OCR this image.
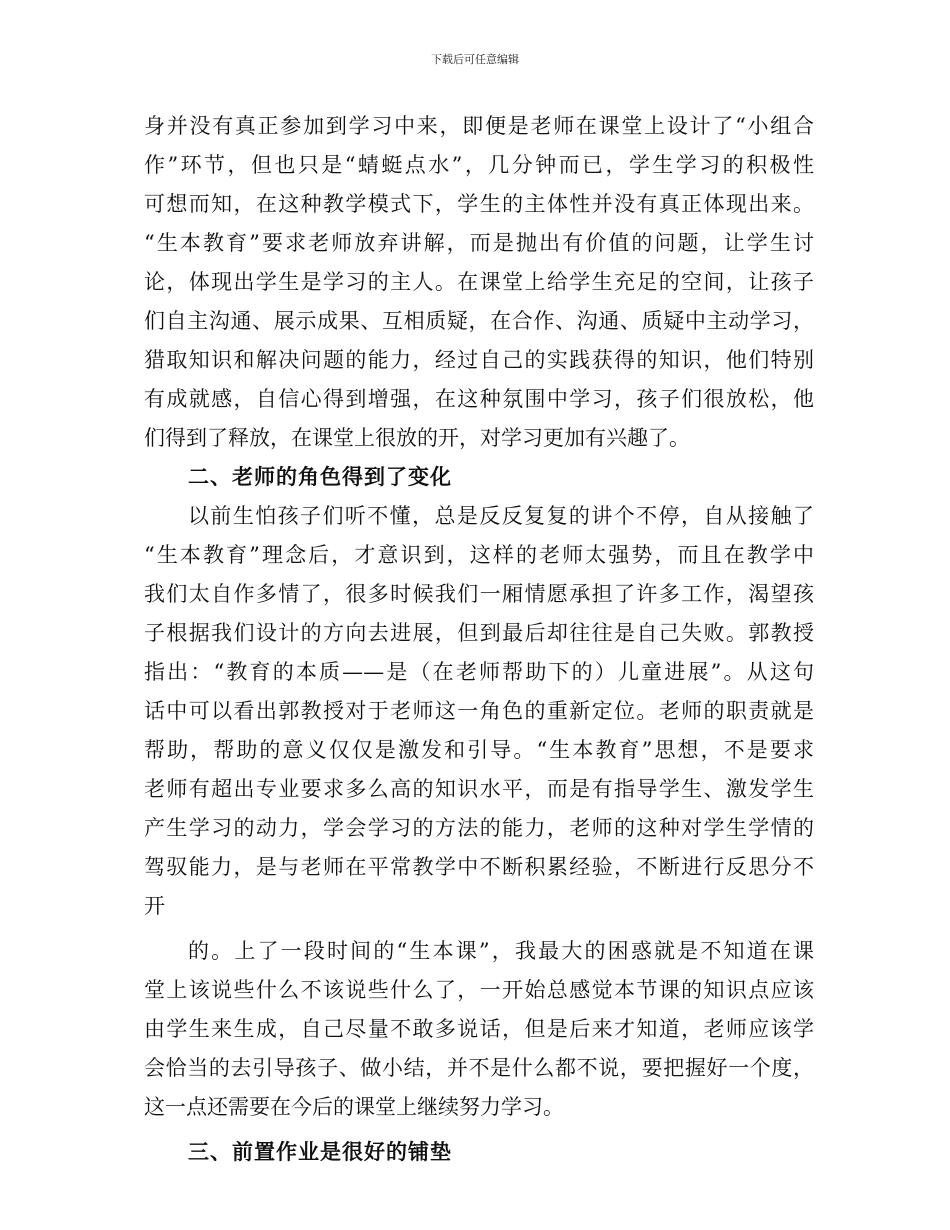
下载后可任意编辑
身并没有真正参加到学习中来，即便是老师在课堂上设计了“小组合
作”环节，但也只是“蜻蜓点水”，几分钟而已，学生学习的积极性
可想而知，在这种教学模式下，学生的主体性并没有真正体现出来。
“生本教育”要求老师放弃讲解，而是抛出有价值的问题，让学生讨
论，体现出学生是学习的主人。在课堂上给学生充足的空间，让孩子
们自主沟通、展示成果、互相质疑，在合作、沟通、质疑中主动学习，
猎取知识和解决问题的能力，经过自己的实践获得的知识，他们特别
有成就感，自信心得到增强，在这种氛围中学习，孩子们很放松，他
们得到了释放，在课堂上很放的开，对学习更加有兴趣了。
二、老师的角色得到了变化
以前生怕孩子们听不懂，总是反反复复的讲个不停，自从接触了
“生本教育”理念后，才意识到，这样的老师太强势，而且在教学中
我们太自作多情了，很多时候我们一厢情愿承担了许多工作，渴望孩
子根据我们设计的方向去进展，但到最后却往往是自己失败。郭教授
指出：“教育的本质——是（在老师帮助下的）儿童进展”。从这句
话中可以看出郭教授对于老师这一角色的重新定位。老师的职责就是
帮助，帮助的意义仅仅是激发和引导。“生本教育”思想，不是要求
老师有超出专业要求多么高的知识水平，而是有指导学生、激发学生
产生学习的动力，学会学习的方法的能力，老师的这种对学生学情的
驾驭能力，是与老师在平常教学中不断积累经验，不断进行反思分不
开
的。上了一段时间的“生本课”，我最大的困惑就是不知道在课
堂上该说些什么不该说些什么了，一开始总感觉本节课的知识点应该
由学生来生成，自己尽量不敢多说话，但是后来才知道，老师应该学
会恰当的去引导孩子、做小结，并不是什么都不说，要把握好一个度，
这一点还需要在今后的课堂上继续努力学习。
三、前置作业是很好的铺垫
